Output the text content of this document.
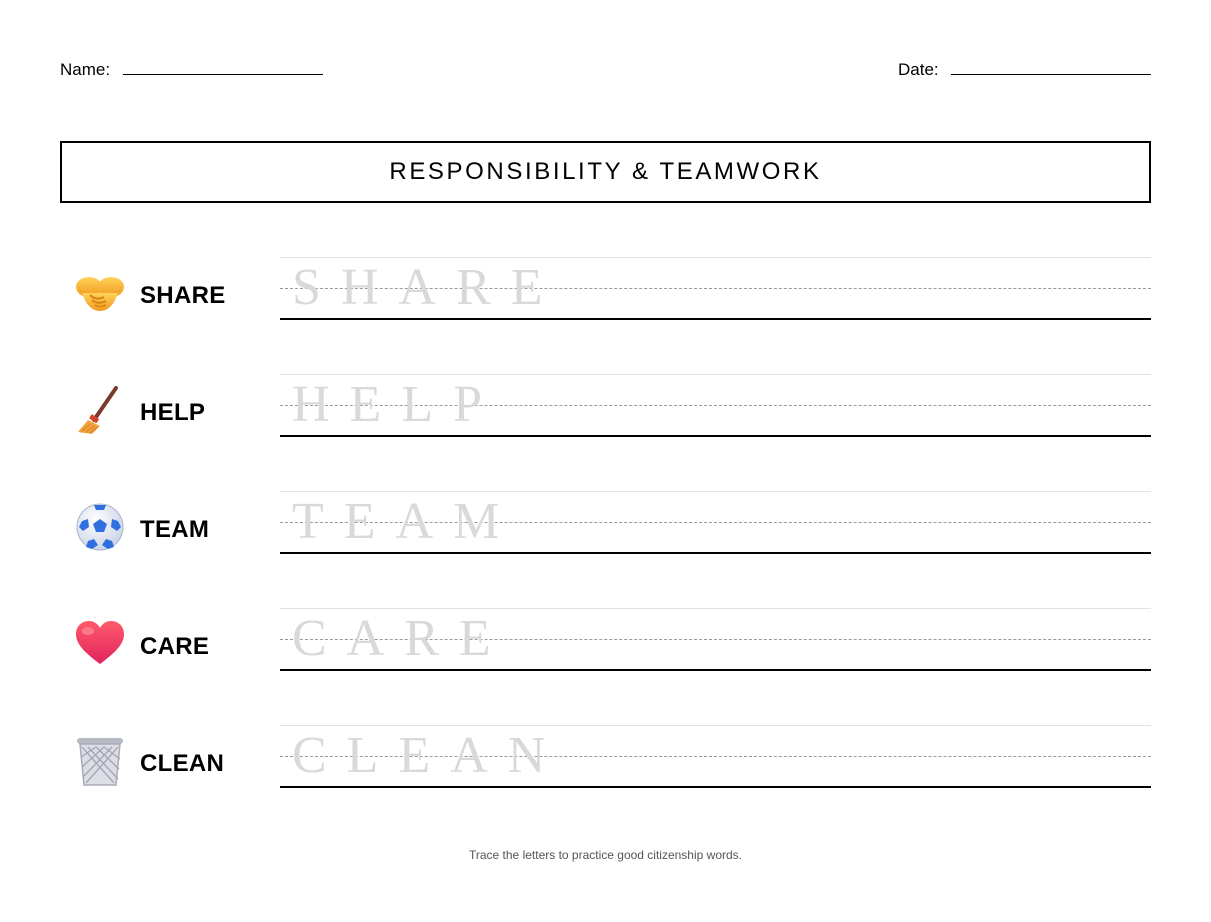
Name:	Date:
RESPONSIBILITY & TEAMWORK
SHARE SHARE
HELP HELP
TEAM TEAM
CARE CARE
CLEAN CLEAN
Trace the letters to practice good citizenship words.
